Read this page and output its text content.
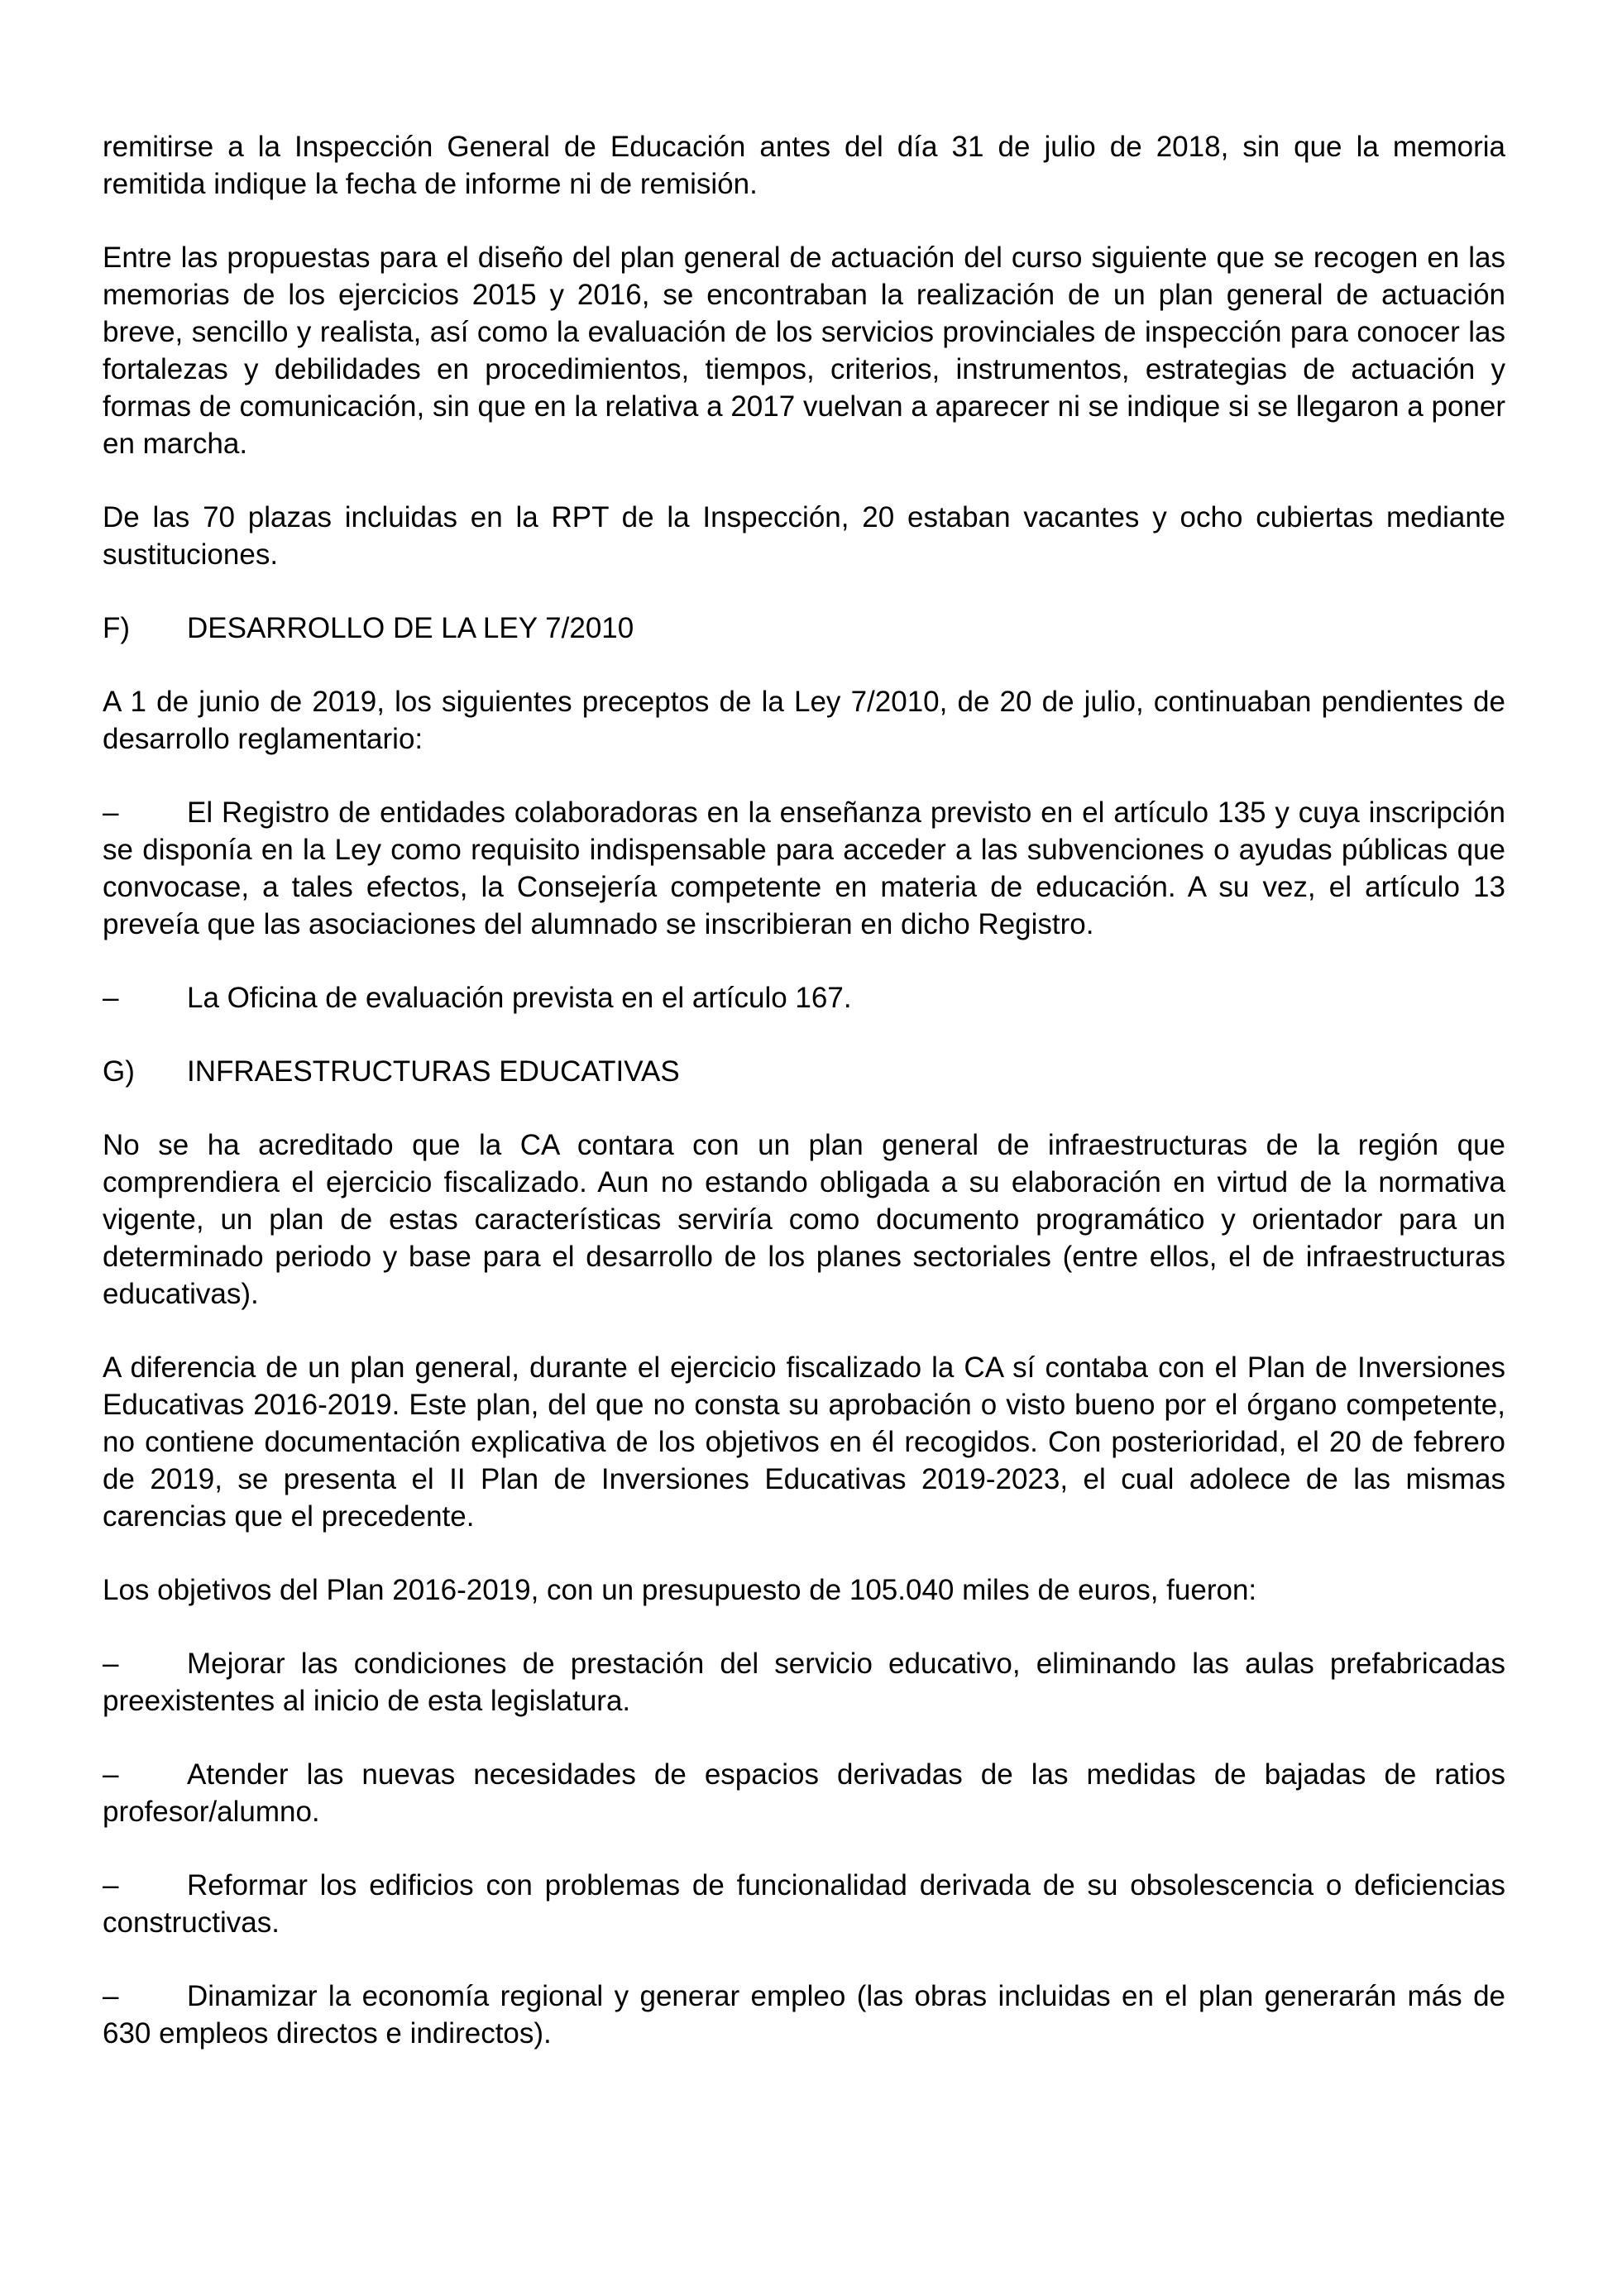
remitirse a la Inspección General de Educación antes del día 31 de julio de 2018, sin que la memoria remitida indique la fecha de informe ni de remisión.

Entre las propuestas para el diseño del plan general de actuación del curso siguiente que se recogen en las memorias de los ejercicios 2015 y 2016, se encontraban la realización de un plan general de actuación breve, sencillo y realista, así como la evaluación de los servicios provinciales de inspección para conocer las fortalezas y debilidades en procedimientos, tiempos, criterios, instrumentos, estrategias de actuación y formas de comunicación, sin que en la relativa a 2017 vuelvan a aparecer ni se indique si se llegaron a poner en marcha.

De las 70 plazas incluidas en la RPT de la Inspección, 20 estaban vacantes y ocho cubiertas mediante sustituciones.

F)	DESARROLLO DE LA LEY 7/2010

A 1 de junio de 2019, los siguientes preceptos de la Ley 7/2010, de 20 de julio, continuaban pendientes de desarrollo reglamentario:

– El Registro de entidades colaboradoras en la enseñanza previsto en el artículo 135 y cuya inscripción se disponía en la Ley como requisito indispensable para acceder a las subvenciones o ayudas públicas que convocase, a tales efectos, la Consejería competente en materia de educación. A su vez, el artículo 13 preveía que las asociaciones del alumnado se inscribieran en dicho Registro.

– La Oficina de evaluación prevista en el artículo 167.

G)	INFRAESTRUCTURAS EDUCATIVAS

No se ha acreditado que la CA contara con un plan general de infraestructuras de la región que comprendiera el ejercicio fiscalizado. Aun no estando obligada a su elaboración en virtud de la normativa vigente, un plan de estas características serviría como documento programático y orientador para un determinado periodo y base para el desarrollo de los planes sectoriales (entre ellos, el de infraestructuras educativas).

A diferencia de un plan general, durante el ejercicio fiscalizado la CA sí contaba con el Plan de Inversiones Educativas 2016-2019. Este plan, del que no consta su aprobación o visto bueno por el órgano competente, no contiene documentación explicativa de los objetivos en él recogidos. Con posterioridad, el 20 de febrero de 2019, se presenta el II Plan de Inversiones Educativas 2019-2023, el cual adolece de las mismas carencias que el precedente.

Los objetivos del Plan 2016-2019, con un presupuesto de 105.040 miles de euros, fueron:

– Mejorar las condiciones de prestación del servicio educativo, eliminando las aulas prefabricadas preexistentes al inicio de esta legislatura.

– Atender las nuevas necesidades de espacios derivadas de las medidas de bajadas de ratios profesor/alumno.

– Reformar los edificios con problemas de funcionalidad derivada de su obsolescencia o deficiencias constructivas.

– Dinamizar la economía regional y generar empleo (las obras incluidas en el plan generarán más de 630 empleos directos e indirectos).
